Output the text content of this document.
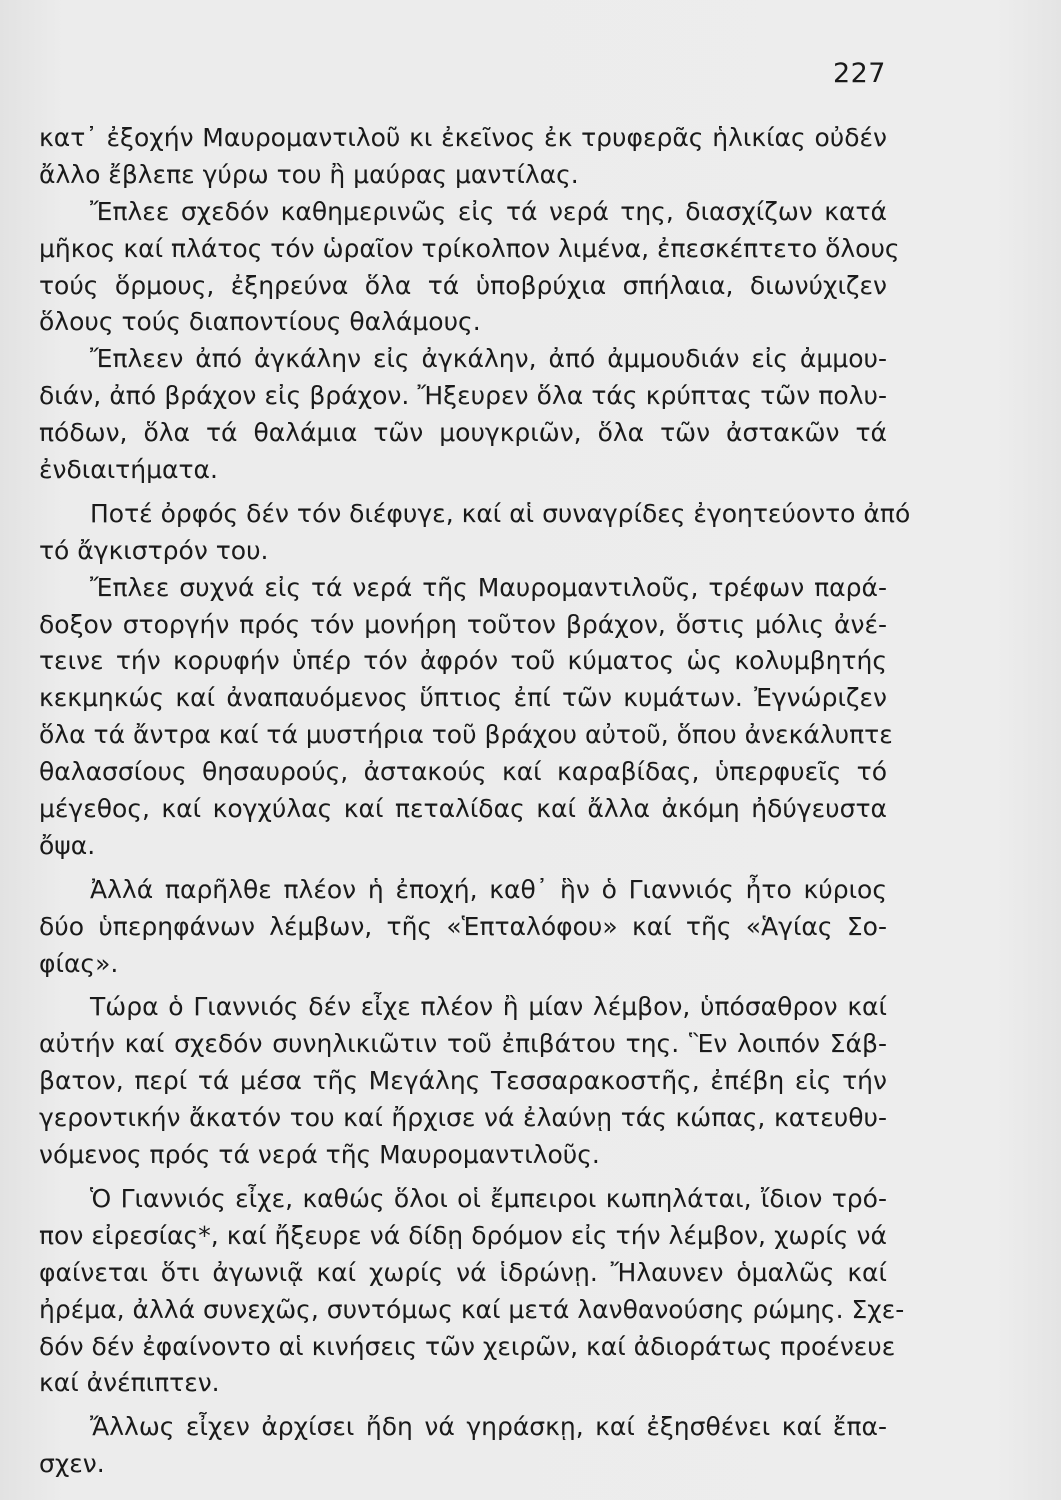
227
κατ᾽ ἐξοχήν Μαυρομαντιλοῦ κι ἐκεῖνος ἐκ τρυφερᾶς ἡλικίας οὐδέν
ἄλλο ἔβλεπε γύρω του ἢ μαύρας μαντίλας.
Ἔπλεε σχεδόν καθημερινῶς εἰς τά νερά της, διασχίζων κατά
μῆκος καί πλάτος τόν ὡραῖον τρίκολπον λιμένα, ἐπεσκέπτετο ὅλους
τούς ὅρμους, ἐξηρεύνα ὅλα τά ὑποβρύχια σπήλαια, διωνύχιζεν
ὅλους τούς διαποντίους θαλάμους.
Ἔπλεεν ἀπό ἀγκάλην εἰς ἀγκάλην, ἀπό ἀμμουδιάν εἰς ἀμμου-
διάν, ἀπό βράχον εἰς βράχον. Ἤξευρεν ὅλα τάς κρύπτας τῶν πολυ-
πόδων, ὅλα τά θαλάμια τῶν μουγκριῶν, ὅλα τῶν ἀστακῶν τά
ἐνδιαιτήματα.
Ποτέ ὀρφός δέν τόν διέφυγε, καί αἱ συναγρίδες ἐγοητεύοντο ἀπό
τό ἄγκιστρόν του.
Ἔπλεε συχνά εἰς τά νερά τῆς Μαυρομαντιλοῦς, τρέφων παρά-
δοξον στοργήν πρός τόν μονήρη τοῦτον βράχον, ὅστις μόλις ἀνέ-
τεινε τήν κορυφήν ὑπέρ τόν ἀφρόν τοῦ κύματος ὡς κολυμβητής
κεκμηκώς καί ἀναπαυόμενος ὕπτιος ἐπί τῶν κυμάτων. Ἐγνώριζεν
ὅλα τά ἄντρα καί τά μυστήρια τοῦ βράχου αὐτοῦ, ὅπου ἀνεκάλυπτε
θαλασσίους θησαυρούς, ἀστακούς καί καραβίδας, ὑπερφυεῖς τό
μέγεθος, καί κογχύλας καί πεταλίδας καί ἄλλα ἀκόμη ἠδύγευστα
ὄψα.
Ἀλλά παρῆλθε πλέον ἡ ἐποχή, καθ᾽ ἣν ὁ Γιαννιός ἦτο κύριος
δύο ὑπερηφάνων λέμβων, τῆς «Ἑπταλόφου» καί τῆς «Ἁγίας Σο-
φίας».
Τώρα ὁ Γιαννιός δέν εἶχε πλέον ἢ μίαν λέμβον, ὑπόσαθρον καί
αὐτήν καί σχεδόν συνηλικιῶτιν τοῦ ἐπιβάτου της. Ἓν λοιπόν Σάβ-
βατον, περί τά μέσα τῆς Μεγάλης Τεσσαρακοστῆς, ἐπέβη εἰς τήν
γεροντικήν ἄκατόν του καί ἤρχισε νά ἐλαύνῃ τάς κώπας, κατευθυ-
νόμενος πρός τά νερά τῆς Μαυρομαντιλοῦς.
Ὁ Γιαννιός εἶχε, καθώς ὅλοι οἱ ἔμπειροι κωπηλάται, ἴδιον τρό-
πον εἰρεσίας*, καί ἤξευρε νά δίδῃ δρόμον εἰς τήν λέμβον, χωρίς νά
φαίνεται ὅτι ἀγωνιᾷ καί χωρίς νά ἱδρώνῃ. Ἤλαυνεν ὁμαλῶς καί
ἠρέμα, ἀλλά συνεχῶς, συντόμως καί μετά λανθανούσης ρώμης. Σχε-
δόν δέν ἐφαίνοντο αἱ κινήσεις τῶν χειρῶν, καί ἀδιοράτως προένευε
καί ἀνέπιπτεν.
Ἄλλως εἶχεν ἀρχίσει ἤδη νά γηράσκῃ, καί ἐξησθένει καί ἔπα-
σχεν.
